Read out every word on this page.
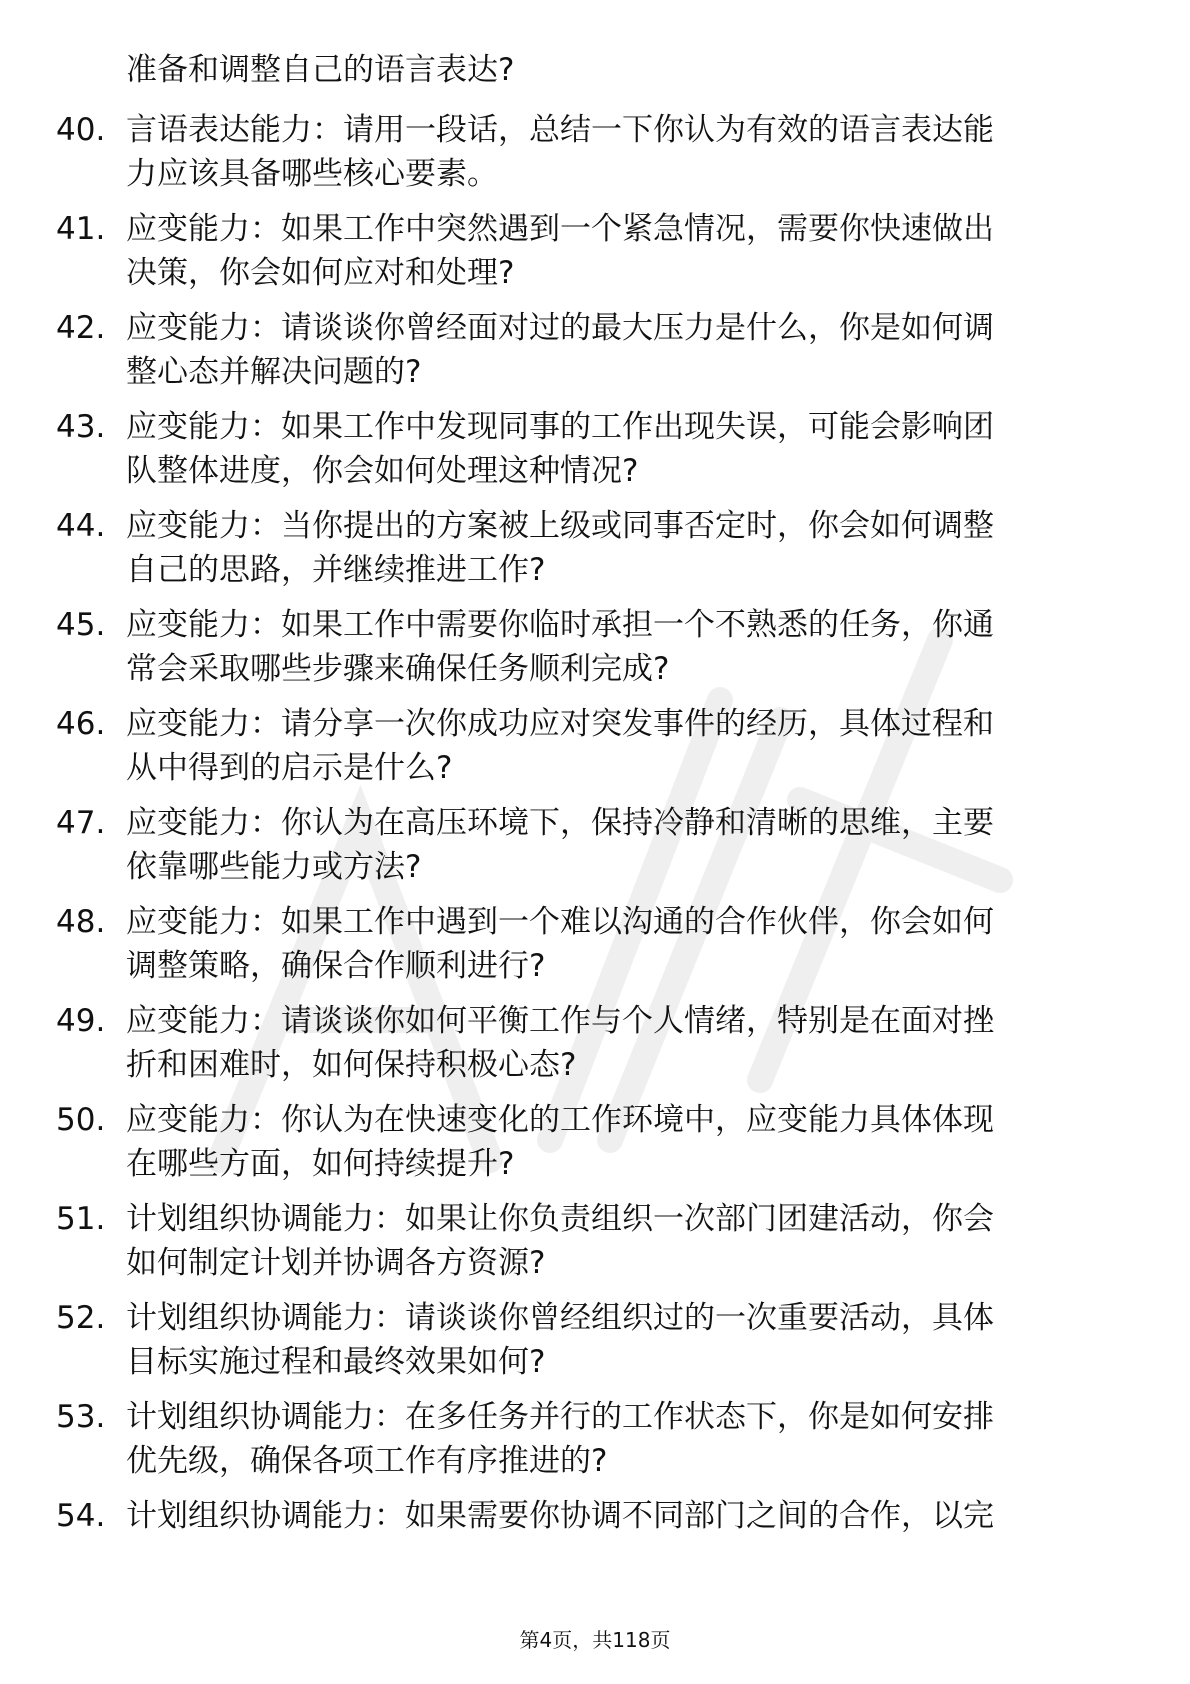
准备和调整自己的语言表达?
40. 言语表达能力：请用一段话，总结一下你认为有效的语言表达能
力应该具备哪些核心要素。
41. 应变能力：如果工作中突然遇到一个紧急情况，需要你快速做出
决策，你会如何应对和处理?
42. 应变能力：请谈谈你曾经面对过的最大压力是什么，你是如何调
整心态并解决问题的?
43. 应变能力：如果工作中发现同事的工作出现失误，可能会影响团
队整体进度，你会如何处理这种情况?
44. 应变能力：当你提出的方案被上级或同事否定时，你会如何调整
自己的思路，并继续推进工作?
45. 应变能力：如果工作中需要你临时承担一个不熟悉的任务，你通
常会采取哪些步骤来确保任务顺利完成?
46. 应变能力：请分享一次你成功应对突发事件的经历，具体过程和
从中得到的启示是什么?
47. 应变能力：你认为在高压环境下，保持冷静和清晰的思维，主要
依靠哪些能力或方法?
48. 应变能力：如果工作中遇到一个难以沟通的合作伙伴，你会如何
调整策略，确保合作顺利进行?
49. 应变能力：请谈谈你如何平衡工作与个人情绪，特别是在面对挫
折和困难时，如何保持积极心态?
50. 应变能力：你认为在快速变化的工作环境中，应变能力具体体现
在哪些方面，如何持续提升?
51. 计划组织协调能力：如果让你负责组织一次部门团建活动，你会
如何制定计划并协调各方资源?
52. 计划组织协调能力：请谈谈你曾经组织过的一次重要活动，具体
目标实施过程和最终效果如何?
53. 计划组织协调能力：在多任务并行的工作状态下，你是如何安排
优先级，确保各项工作有序推进的?
54. 计划组织协调能力：如果需要你协调不同部门之间的合作，以完
第4页，共118页
